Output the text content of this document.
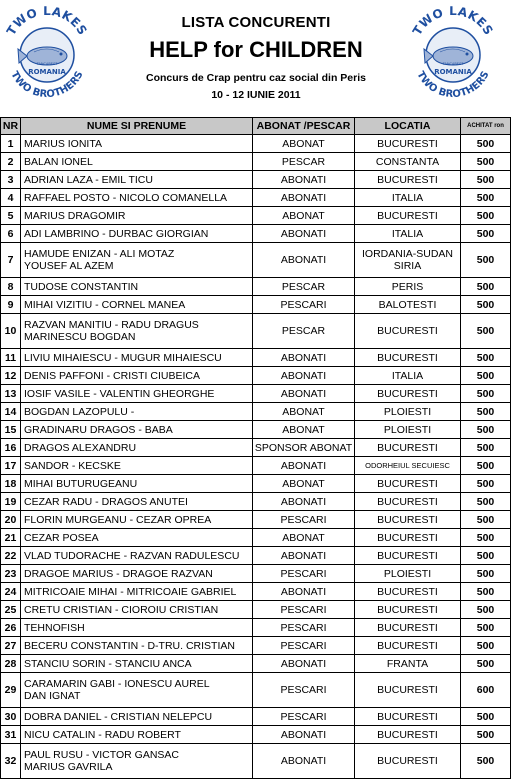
TWO LAKES
TWO BROTHERS
TANCABEST
ROMANIA
TWO LAKES
TWO BROTHERS
TANCABEST
ROMANIA
LISTA CONCURENTI
HELP for CHILDREN
Concurs de Crap pentru caz social din Peris
10 - 12 IUNIE 2011
NR	NUME SI PRENUME	ABONAT /PESCAR	LOCATIA	ACHITAT ron
1	MARIUS IONITA	ABONAT	BUCURESTI	500
2	BALAN IONEL	PESCAR	CONSTANTA	500
3	ADRIAN LAZA - EMIL TICU	ABONATI	BUCURESTI	500
4	RAFFAEL POSTO - NICOLO COMANELLA	ABONATI	ITALIA	500
5	MARIUS DRAGOMIR	ABONAT	BUCURESTI	500
6	ADI LAMBRINO - DURBAC GIORGIAN	ABONATI	ITALIA	500
7	HAMUDE ENIZAN - ALI MOTAZ
YOUSEF AL AZEM	ABONATI	IORDANIA-SUDAN
SIRIA	500
8	TUDOSE CONSTANTIN	PESCAR	PERIS	500
9	MIHAI VIZITIU - CORNEL MANEA	PESCARI	BALOTESTI	500
10	RAZVAN MANITIU - RADU DRAGUS
MARINESCU BOGDAN	PESCAR	BUCURESTI	500
11	LIVIU MIHAIESCU - MUGUR MIHAIESCU	ABONATI	BUCURESTI	500
12	DENIS PAFFONI - CRISTI CIUBEICA	ABONATI	ITALIA	500
13	IOSIF VASILE - VALENTIN GHEORGHE	ABONATI	BUCURESTI	500
14	BOGDAN LAZOPULU -	ABONAT	PLOIESTI	500
15	GRADINARU DRAGOS - BABA	ABONAT	PLOIESTI	500
16	DRAGOS ALEXANDRU	SPONSOR ABONAT	BUCURESTI	500
17	SANDOR - KECSKE	ABONATI	ODORHEIUL SECUIESC	500
18	MIHAI BUTURUGEANU	ABONAT	BUCURESTI	500
19	CEZAR RADU - DRAGOS ANUTEI	ABONATI	BUCURESTI	500
20	FLORIN MURGEANU - CEZAR OPREA	PESCARI	BUCURESTI	500
21	CEZAR POSEA	ABONAT	BUCURESTI	500
22	VLAD TUDORACHE - RAZVAN RADULESCU	ABONATI	BUCURESTI	500
23	DRAGOE MARIUS - DRAGOE RAZVAN	PESCARI	PLOIESTI	500
24	MITRICOAIE MIHAI - MITRICOAIE GABRIEL	ABONATI	BUCURESTI	500
25	CRETU CRISTIAN - CIOROIU CRISTIAN	PESCARI	BUCURESTI	500
26	TEHNOFISH	PESCARI	BUCURESTI	500
27	BECERU CONSTANTIN - D-TRU. CRISTIAN	PESCARI	BUCURESTI	500
28	STANCIU SORIN - STANCIU ANCA	ABONATI	FRANTA	500
29	CARAMARIN GABI - IONESCU AUREL
DAN IGNAT	PESCARI	BUCURESTI	600
30	DOBRA DANIEL - CRISTIAN NELEPCU	PESCARI	BUCURESTI	500
31	NICU CATALIN - RADU ROBERT	ABONATI	BUCURESTI	500
32	PAUL RUSU - VICTOR GANSAC
MARIUS GAVRILA	ABONATI	BUCURESTI	500
